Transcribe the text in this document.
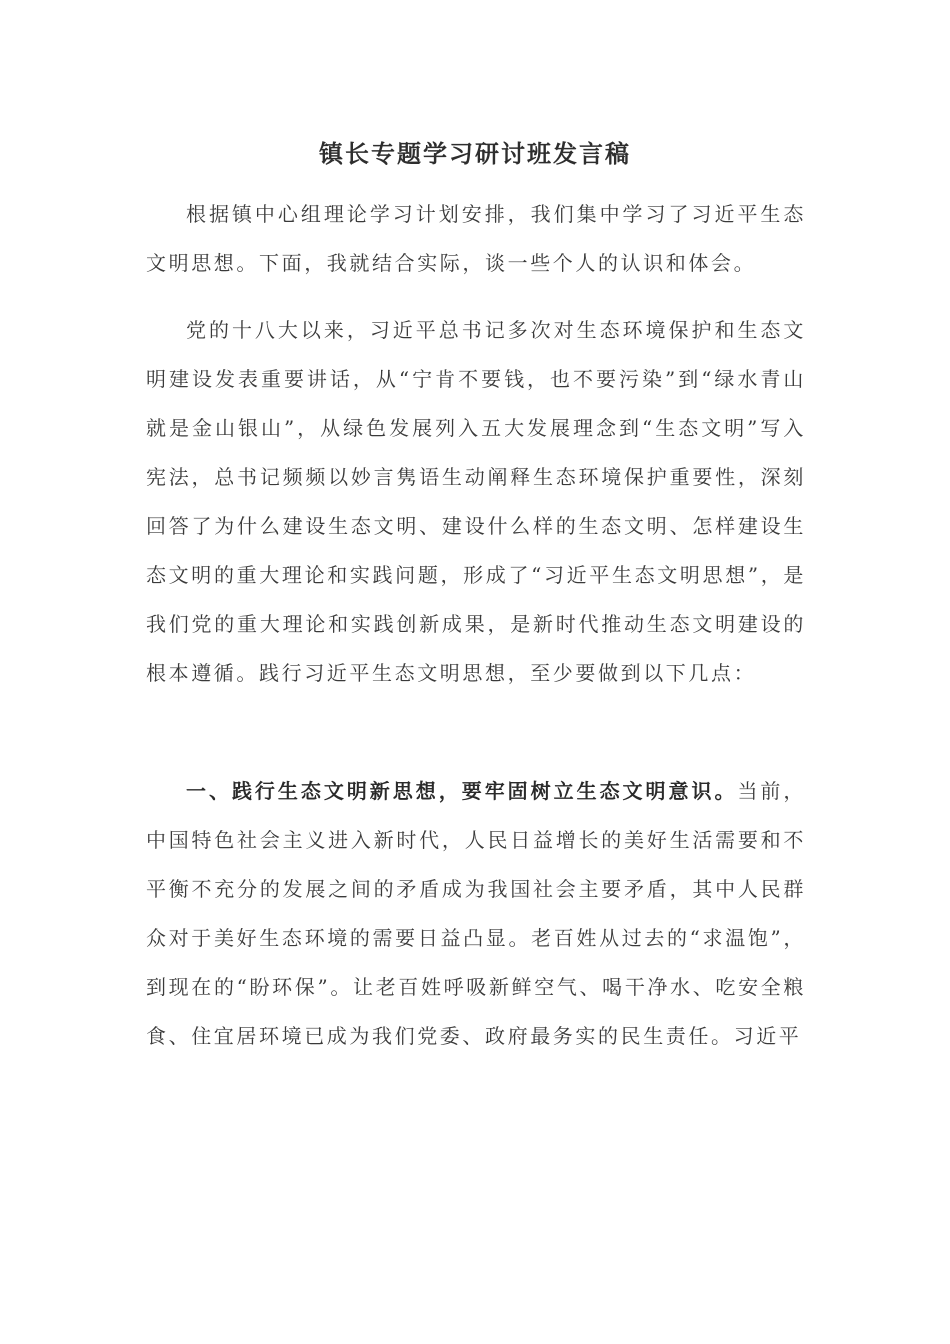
镇长专题学习研讨班发言稿

根据镇中心组理论学习计划安排，我们集中学习了习近平生态文明思想。下面，我就结合实际，谈一些个人的认识和体会。

党的十八大以来，习近平总书记多次对生态环境保护和生态文明建设发表重要讲话，从“宁肯不要钱，也不要污染”到“绿水青山就是金山银山”，从绿色发展列入五大发展理念到“生态文明”写入宪法，总书记频频以妙言隽语生动阐释生态环境保护重要性，深刻回答了为什么建设生态文明、建设什么样的生态文明、怎样建设生态文明的重大理论和实践问题，形成了“习近平生态文明思想”，是我们党的重大理论和实践创新成果，是新时代推动生态文明建设的根本遵循。践行习近平生态文明思想，至少要做到以下几点：

一、践行生态文明新思想，要牢固树立生态文明意识。当前，中国特色社会主义进入新时代，人民日益增长的美好生活需要和不平衡不充分的发展之间的矛盾成为我国社会主要矛盾，其中人民群众对于美好生态环境的需要日益凸显。老百姓从过去的“求温饱”，到现在的“盼环保”。让老百姓呼吸新鲜空气、喝干净水、吃安全粮食、住宜居环境已成为我们党委、政府最务实的民生责任。习近平
